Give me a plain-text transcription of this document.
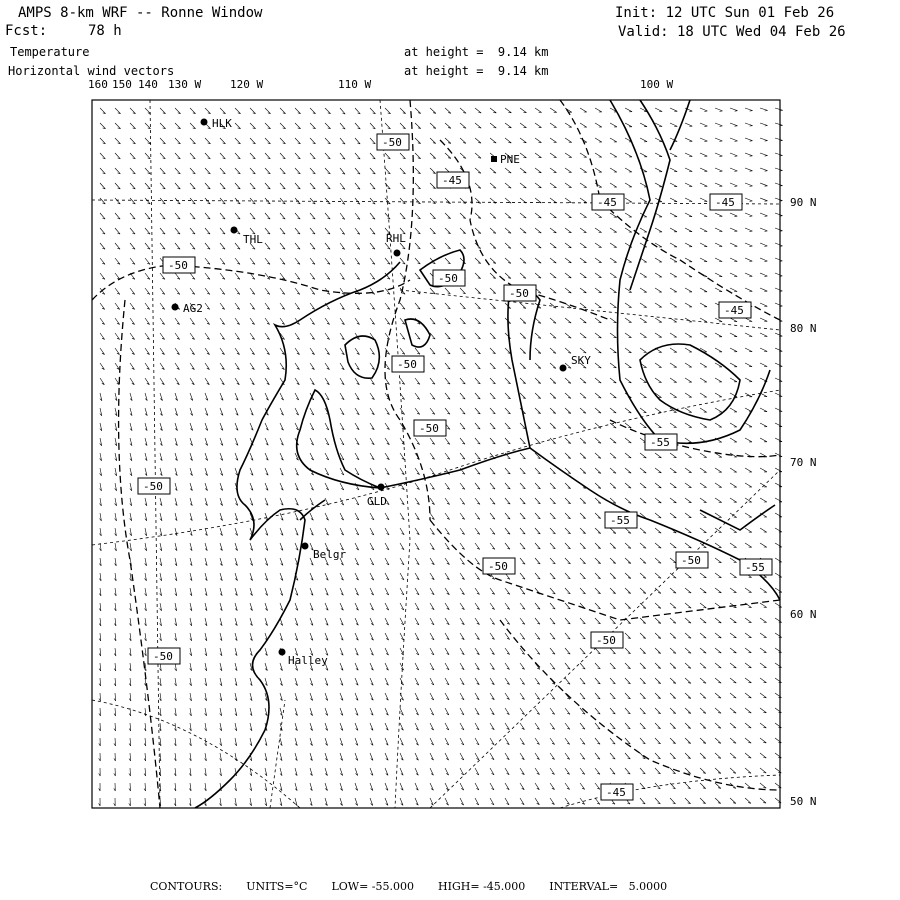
AMPS 8-km WRF -- Ronne Window
Fcst:	78 h
Temperature
Horizontal wind vectors
at height =  9.14 km
at height =  9.14 km
Init: 12 UTC Sun 01 Feb 26
Valid: 18 UTC Wed 04 Feb 26
160 150 140 130 W	120 W	110 W	100 W
90 N
80 N
70 N
60 N
50 N
HLK
PNE
THL	RHL
AG2
SKY
GLD
Belgr
Halley
-50
-45
-45	-45
-50
-50
-50
-45
-50
-50
-55
-50
-55
-50
-50	-55
-50
-50
-45
CONTOURS: UNITS=°C LOW= -55.000 HIGH= -45.000 INTERVAL=   5.0000
